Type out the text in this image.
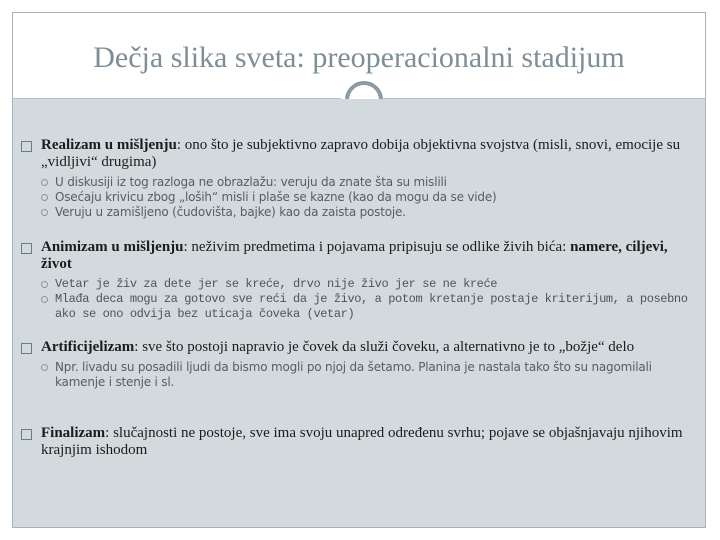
Dečja slika sveta: preoperacionalni stadijum
Realizam u mišljenju: ono što je subjektivno zapravo dobija objektivna svojstva (misli, snovi, emocije su „vidljivi“ drugima)
U diskusiji iz tog razloga ne obrazlažu: veruju da znate šta su mislili
Osećaju krivicu zbog „loših“ misli i plaše se kazne (kao da mogu da se vide)
Veruju u zamišljeno (čudovišta, bajke) kao da zaista postoje.
Animizam u mišljenju: neživim predmetima i pojavama pripisuju se odlike živih bića: namere, ciljevi, život
Vetar je živ za dete jer se kreće, drvo nije živo jer se ne kreće
Mlađa deca mogu za gotovo sve reći da je živo, a potom kretanje postaje kriterijum, a posebno ako se ono odvija bez uticaja čoveka (vetar)
Artificijelizam: sve što postoji napravio je čovek da služi čoveku, a alternativno je to „božje“ delo
Npr. livadu su posadili ljudi da bismo mogli po njoj da šetamo. Planina je nastala tako što su nagomilali kamenje i stenje i sl.
Finalizam: slučajnosti ne postoje, sve ima svoju unapred određenu svrhu; pojave se objašnjavaju njihovim krajnjim ishodom
